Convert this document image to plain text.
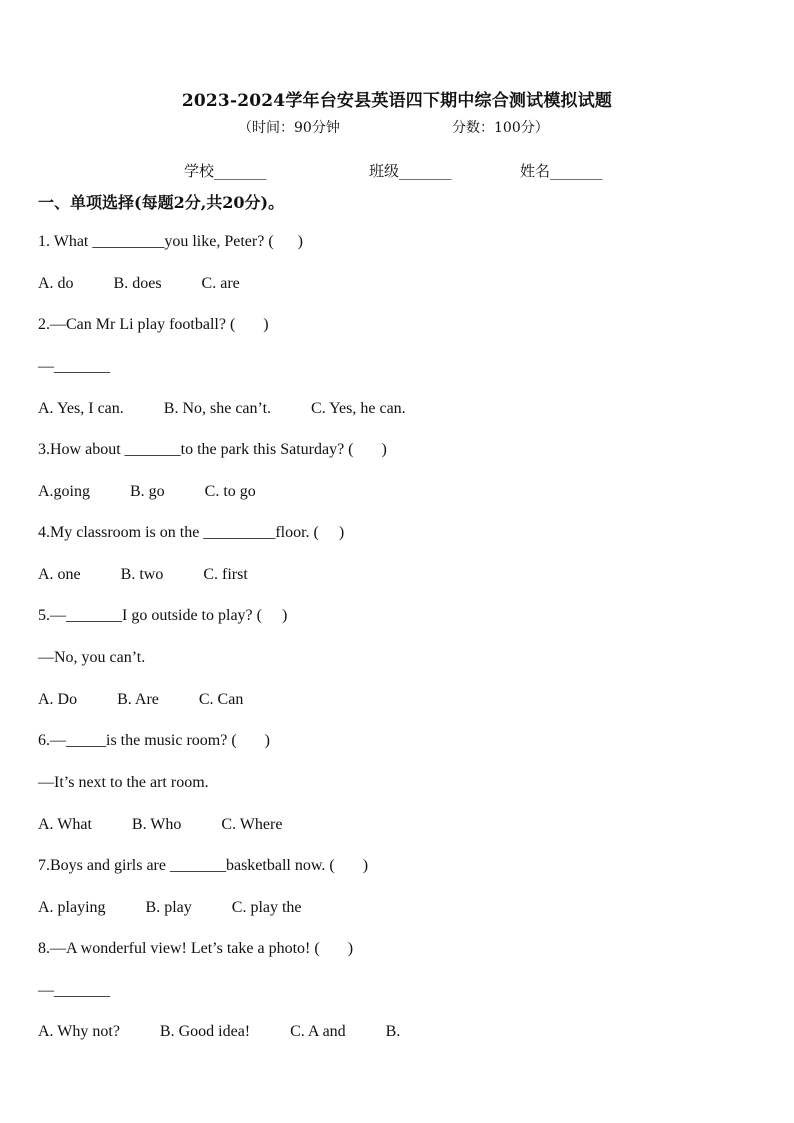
2023-2024学年台安县英语四下期中综合测试模拟试题
（时间：90分钟	分数：100分）
学校_______	班级_______	姓名_______
一、单项选择(每题2分,共20分)。
1. What _________you like, Peter? (      )
A. do          B. does          C. are
2.—Can Mr Li play football? (       )
—_______
A. Yes, I can.          B. No, she can’t.          C. Yes, he can.
3.How about _______to the park this Saturday? (       )
A.going          B. go          C. to go
4.My classroom is on the _________floor. (     )
A. one          B. two          C. first
5.—_______I go outside to play? (     )
—No, you can’t.
A. Do          B. Are          C. Can
6.—_____is the music room? (       )
—It’s next to the art room.
A. What          B. Who          C. Where
7.Boys and girls are _______basketball now. (       )
A. playing          B. play          C. play the
8.—A wonderful view! Let’s take a photo! (       )
—_______
A. Why not?          B. Good idea!          C. A and          B.
